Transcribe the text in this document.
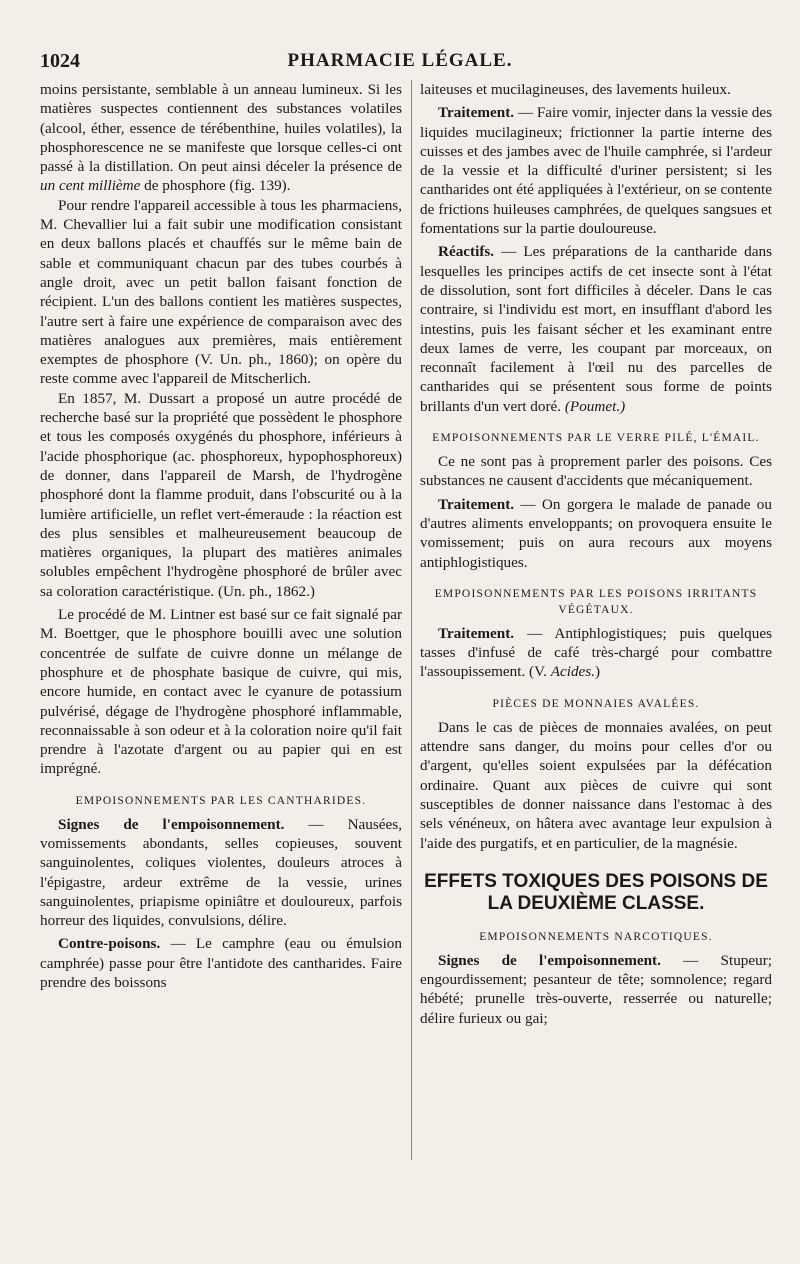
1024	PHARMACIE LÉGALE.

moins persistante, semblable à un anneau lumineux. Si les matières suspectes contiennent des substances volatiles (alcool, éther, essence de térébenthine, huiles volatiles), la phosphorescence ne se manifeste que lorsque celles-ci ont passé à la distillation. On peut ainsi déceler la présence de un cent millième de phosphore (fig. 139).

Pour rendre l'appareil accessible à tous les pharmaciens, M. Chevallier lui a fait subir une modification consistant en deux ballons placés et chauffés sur le même bain de sable et communiquant chacun par des tubes courbés à angle droit, avec un petit ballon faisant fonction de récipient. L'un des ballons contient les matières suspectes, l'autre sert à faire une expérience de comparaison avec des matières analogues aux premières, mais entièrement exemptes de phosphore (V. Un. ph., 1860); on opère du reste comme avec l'appareil de Mitscherlich.

En 1857, M. Dussart a proposé un autre procédé de recherche basé sur la propriété que possèdent le phosphore et tous les composés oxygénés du phosphore, inférieurs à l'acide phosphorique (ac. phosphoreux, hypophosphoreux) de donner, dans l'appareil de Marsh, de l'hydrogène phosphoré dont la flamme produit, dans l'obscurité ou à la lumière artificielle, un reflet vert-émeraude : la réaction est des plus sensibles et malheureusement beaucoup de matières organiques, la plupart des matières animales solubles empêchent l'hydrogène phosphoré de brûler avec sa coloration caractéristique. (Un. ph., 1862.)

Le procédé de M. Lintner est basé sur ce fait signalé par M. Boettger, que le phosphore bouilli avec une solution concentrée de sulfate de cuivre donne un mélange de phosphure et de phosphate basique de cuivre, qui mis, encore humide, en contact avec le cyanure de potassium pulvérisé, dégage de l'hydrogène phosphoré inflammable, reconnaissable à son odeur et à la coloration noire qu'il fait prendre à l'azotate d'argent ou au papier qui en est imprégné.

EMPOISONNEMENTS PAR LES CANTHARIDES.

Signes de l'empoisonnement. — Nausées, vomissements abondants, selles copieuses, souvent sanguinolentes, coliques violentes, douleurs atroces à l'épigastre, ardeur extrême de la vessie, urines sanguinolentes, priapisme opiniâtre et douloureux, parfois horreur des liquides, convulsions, délire.

Contre-poisons. — Le camphre (eau ou émulsion camphrée) passe pour être l'antidote des cantharides. Faire prendre des boissons

laiteuses et mucilagineuses, des lavements huileux.

Traitement. — Faire vomir, injecter dans la vessie des liquides mucilagineux; frictionner la partie interne des cuisses et des jambes avec de l'huile camphrée, si l'ardeur de la vessie et la difficulté d'uriner persistent; si les cantharides ont été appliquées à l'extérieur, on se contente de frictions huileuses camphrées, de quelques sangsues et fomentations sur la partie douloureuse.

Réactifs. — Les préparations de la cantharide dans lesquelles les principes actifs de cet insecte sont à l'état de dissolution, sont fort difficiles à déceler. Dans le cas contraire, si l'individu est mort, en insufflant d'abord les intestins, puis les faisant sécher et les examinant entre deux lames de verre, les coupant par morceaux, on reconnaît facilement à l'œil nu des parcelles de cantharides qui se présentent sous forme de points brillants d'un vert doré. (Poumet.)

EMPOISONNEMENTS PAR LE VERRE PILÉ, L'ÉMAIL.

Ce ne sont pas à proprement parler des poisons. Ces substances ne causent d'accidents que mécaniquement.

Traitement. — On gorgera le malade de panade ou d'autres aliments enveloppants; on provoquera ensuite le vomissement; puis on aura recours aux moyens antiphlogistiques.

EMPOISONNEMENTS PAR LES POISONS IRRITANTS VÉGÉTAUX.

Traitement. — Antiphlogistiques; puis quelques tasses d'infusé de café très-chargé pour combattre l'assoupissement. (V. Acides.)

PIÈCES DE MONNAIES AVALÉES.

Dans le cas de pièces de monnaies avalées, on peut attendre sans danger, du moins pour celles d'or ou d'argent, qu'elles soient expulsées par la défécation ordinaire. Quant aux pièces de cuivre qui sont susceptibles de donner naissance dans l'estomac à des sels vénéneux, on hâtera avec avantage leur expulsion à l'aide des purgatifs, et en particulier, de la magnésie.

EFFETS TOXIQUES DES POISONS DE LA DEUXIÈME CLASSE.
EMPOISONNEMENTS NARCOTIQUES.

Signes de l'empoisonnement. — Stupeur; engourdissement; pesanteur de tête; somnolence; regard hébété; prunelle très-ouverte, resserrée ou naturelle; délire furieux ou gai;
